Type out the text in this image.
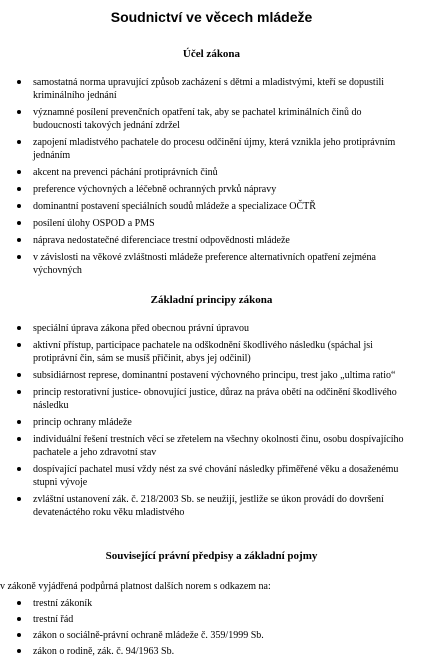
Soudnictví ve věcech mládeže
Účel zákona
samostatná norma upravující způsob zacházení s dětmi a mladistvými, kteří se dopustili kriminálního jednání
významné posílení prevenčních opatření tak, aby se pachatel kriminálních činů do budoucnosti takových jednání zdržel
zapojení mladistvého pachatele do procesu odčinění újmy, která vznikla jeho protiprávním jednáním
akcent na prevenci páchání protiprávních činů
preference výchovných a léčebně ochranných prvků nápravy
dominantní postavení speciálních soudů mládeže a specializace OČTŘ
posílení úlohy OSPOD a PMS
náprava nedostatečné diferenciace trestní odpovědnosti mládeže
v závislosti na věkové zvláštnosti mládeže preference alternativních opatření zejména výchovných
Základní principy zákona
speciální úprava zákona před obecnou právní úpravou
aktivní přístup, participace pachatele na odškodnění škodlivého následku (spáchal jsi protiprávní čin, sám se musíš přičinit, abys jej odčinil)
subsidiárnost represe, dominantní postavení výchovného principu, trest jako „ultima ratio“
princip restorativní justice- obnovující justice, důraz na práva obětí na odčinění škodlivého následku
princip ochrany mládeže
individuální řešení trestních věcí se zřetelem na všechny okolnosti činu, osobu dospívajícího pachatele a jeho zdravotní stav
dospívající pachatel musí vždy nést za své chování následky přiměřené věku a dosaženému stupni vývoje
zvláštní ustanovení zák. č. 218/2003 Sb. se neužijí, jestliže se úkon provádí do dovršení devatenáctého roku věku mladistvého
Související právní předpisy a základní pojmy

v zákoně vyjádřená podpůrná platnost dalších norem s odkazem na:

trestní zákoník
trestní řád
zákon o sociálně-právní ochraně mládeže č. 359/1999 Sb.
zákon o rodině, zák. č. 94/1963 Sb.
